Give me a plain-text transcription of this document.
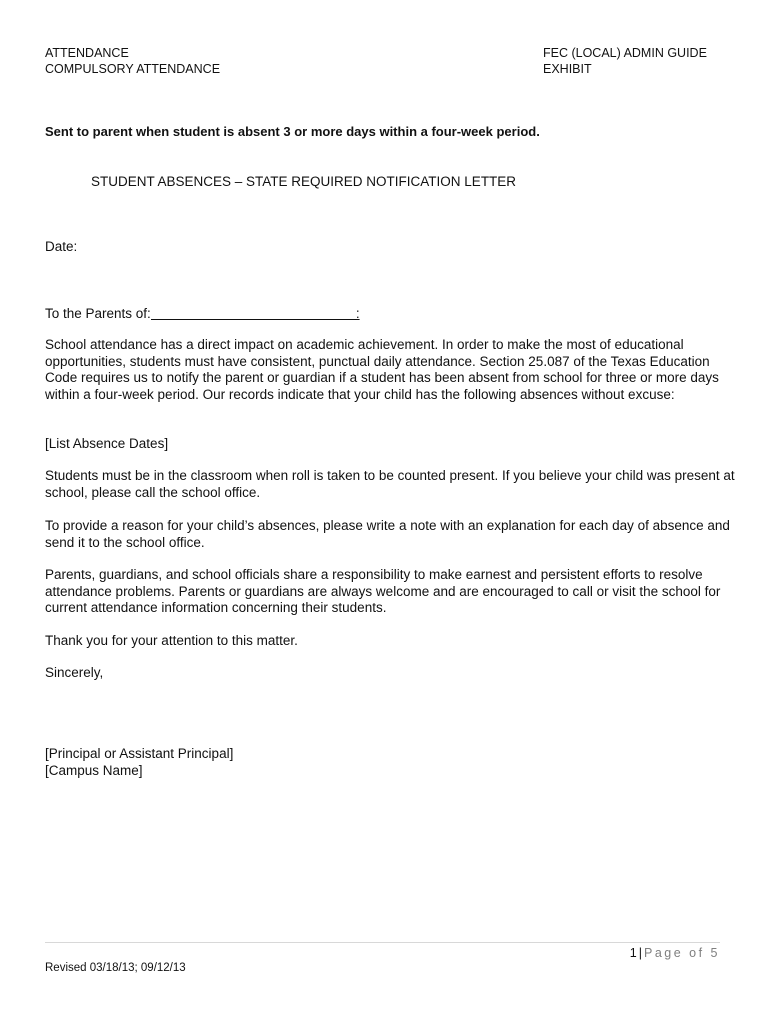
ATTENDANCE
COMPULSORY ATTENDANCE
FEC (LOCAL) ADMIN GUIDE
EXHIBIT
Sent to parent when student is absent 3 or more days within a four-week period.
STUDENT ABSENCES – STATE REQUIRED NOTIFICATION LETTER
Date:
To the Parents of:	:

School attendance has a direct impact on academic achievement. In order to make the most of educational opportunities, students must have consistent, punctual daily attendance. Section 25.087 of the Texas Education Code requires us to notify the parent or guardian if a student has been absent from school for three or more days within a four-week period. Our records indicate that your child has the following absences without excuse:

[List Absence Dates]

Students must be in the classroom when roll is taken to be counted present. If you believe your child was present at school, please call the school office.

To provide a reason for your child’s absences, please write a note with an explanation for each day of absence and send it to the school office.

Parents, guardians, and school officials share a responsibility to make earnest and persistent efforts to resolve attendance problems. Parents or guardians are always welcome and are encouraged to call or visit the school for current attendance information concerning their students.

Thank you for your attention to this matter.

Sincerely,

[Principal or Assistant Principal]
[Campus Name]
1 | Page of 5
Revised 03/18/13; 09/12/13
